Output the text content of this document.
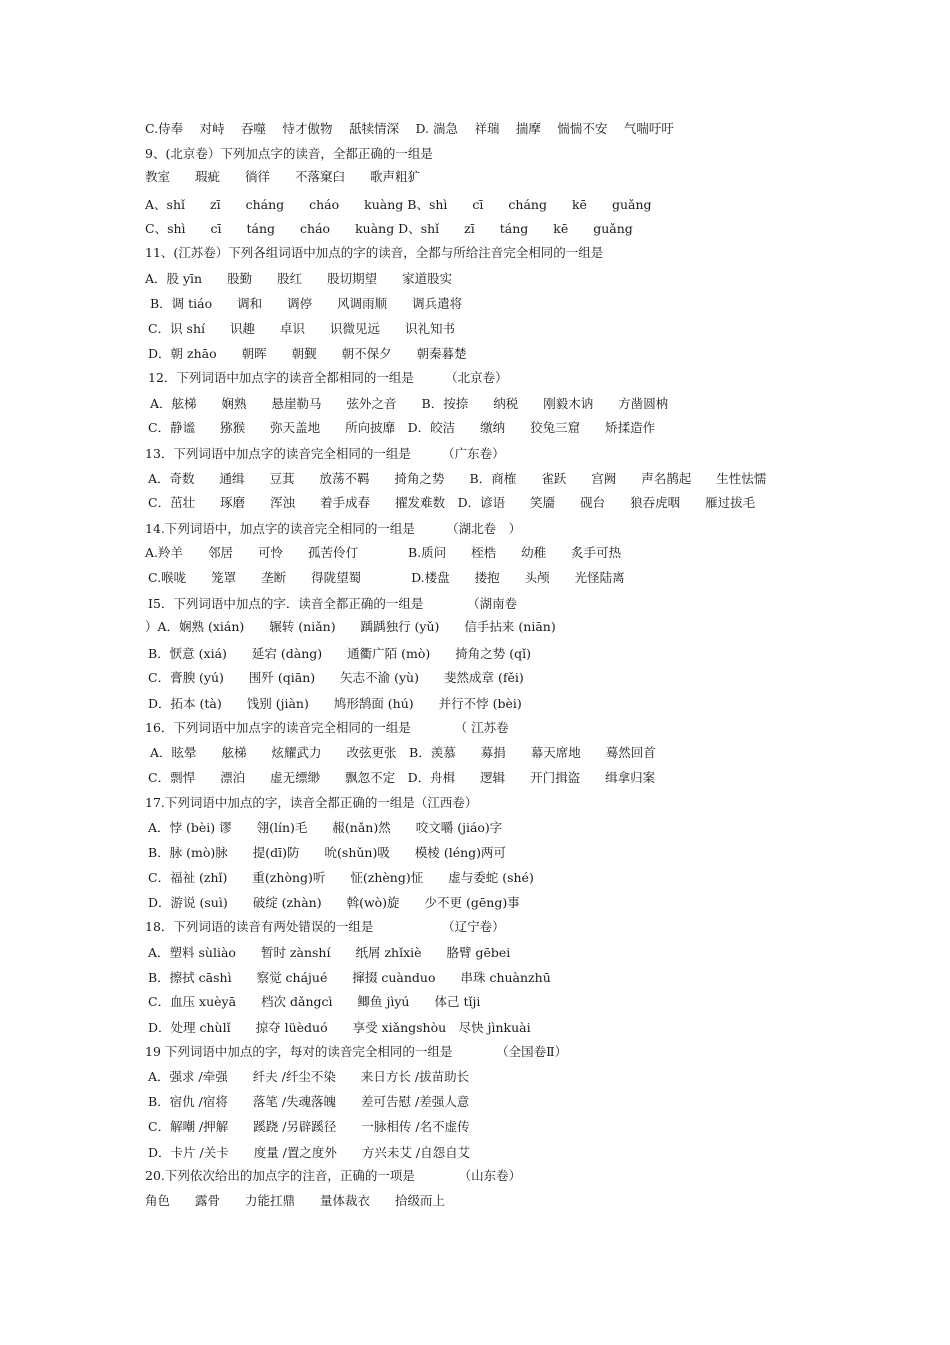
C.侍奉　 对峙　 吞噬　 恃才傲物　 舐犊情深　 D. 湍急　 祥瑞　 揣摩　 惴惴不安　 气喘吁吁
9、(北京卷）下列加点字的读音，全都正确的一组是
教室　　瑕疵　　徜徉　　不落窠臼　　歌声粗犷
A、shǐ　　zī　　cháng　　cháo　　kuàng B、shì　　cī　　cháng　　kē　　guǎng
C、shì　　cī　　táng　　cháo　　kuàng D、shǐ　　zī　　táng　　kē　　guǎng
11、(江苏卷）下列各组词语中加点的字的读音，全都与所给注音完全相同的一组是
A．股 yīn　　股勤　　股红　　股切期望　　家道股实
B．调 tiáo　　调和　　调停　　风调雨顺　　调兵遣将
C．识 shí　　识趣　　卓识　　识微见远　　识礼知书
D．朝 zhāo　　朝晖　　朝觐　　朝不保夕　　朝秦暮楚
12．下列词语中加点字的读音全都相同的一组是　　　（北京卷）
A．舷梯　　娴熟　　悬崖勒马　　弦外之音　　B．按捺　　纳税　　刚毅木讷　　方凿圆枘
C．静谧　　猕猴　　弥天盖地　　所向披靡　D．皎洁　　缴纳　　狡兔三窟　　矫揉造作
13．下列词语中加点字的读音完全相同的一组是　　　（广东卷）
A．奇数　　通缉　　豆萁　　放荡不羁　　掎角之势　　B．商榷　　雀跃　　宫阙　　声名鹊起　　生性怯懦
C．茁壮　　琢磨　　浑浊　　着手成春　　擢发难数　D．谚语　　笑靥　　砚台　　狼吞虎咽　　雁过拔毛
14.下列词语中，加点字的读音完全相同的一组是　　　（湖北卷　）
A.羚羊　　邻居　　可怜　　孤苦伶仃　　　　B.质问　　桎梏　　幼稚　　炙手可热
C.喉咙　　笼罩　　垄断　　得陇望蜀　　　　D.楼盘　　搂抱　　头颅　　光怪陆离
I5．下列词语中加点的字．读音全都正确的一组是　　　　（湖南卷
）A．娴熟 (xián)　　辗转 (niǎn)　　踽踽独行 (yǔ)　　信手拈来 (niān)
B．恹意 (xiá)　　延宕 (dàng)　　通衢广陌 (mò)　　掎角之势 (qǐ)
C．膏腴 (yú)　　围歼 (qiān)　　矢志不渝 (yù)　　斐然成章 (fěi)
D．拓本 (tà)　　饯别 (jiàn)　　鸠形鹄面 (hú)　　并行不悖 (bèi)
16．下列词语中加点字的读音完全相同的一组是　　　　（ 江苏卷
A．眩晕　　舷梯　　炫耀武力　　改弦更张　B．羡慕　　募捐　　幕天席地　　蓦然回首
C．剽悍　　漂泊　　虚无缥缈　　飘忽不定　D．舟楫　　逻辑　　开门揖盗　　缉拿归案
17.下列词语中加点的字，读音全都正确的一组是（江西卷）
A．悖 (bèi) 谬　　翎(lín)毛　　赧(nǎn)然　　咬文嚼 (jiáo)字
B．脉 (mò)脉　　提(dī)防　　吮(shǔn)吸　　模棱 (léng)两可
C．福祉 (zhǐ)　　重(zhòng)听　　怔(zhèng)怔　　虚与委蛇 (shé)
D．游说 (suì)　　破绽 (zhàn)　　斡(wò)旋　　少不更 (gēng)事
18．下列词语的读音有两处错误的一组是　　　　　　（辽宁卷）
A．塑料 sùliào　　暂时 zànshí　　纸屑 zhǐxiè　　胳臂 gēbei
B．擦拭 cāshì　　察觉 chájué　　撺掇 cuànduo　　串珠 chuànzhū
C．血压 xuèyā　　档次 dǎngcì　　鲫鱼 jìyú　　体己 tǐji
D．处理 chùlǐ　　掠夺 lüèduó　　享受 xiǎngshòu　尽快 jìnkuài
19 下列词语中加点的字，每对的读音完全相同的一组是　　　　（全国卷Ⅱ）
A．强求 /牵强　　纤夫 /纤尘不染　　来日方长 /拔苗助长
B．宿仇 /宿将　　落笔 /失魂落魄　　差可告慰 /差强人意
C．解嘲 /押解　　蹊跷 /另辟蹊径　　一脉相传 /名不虚传
D．卡片 /关卡　　度量 /置之度外　　方兴未艾 /自怨自艾
20.下列依次给出的加点字的注音，正确的一项是　　　　（山东卷）
角色　　露骨　　力能扛鼎　　量体裁衣　　拾级而上
